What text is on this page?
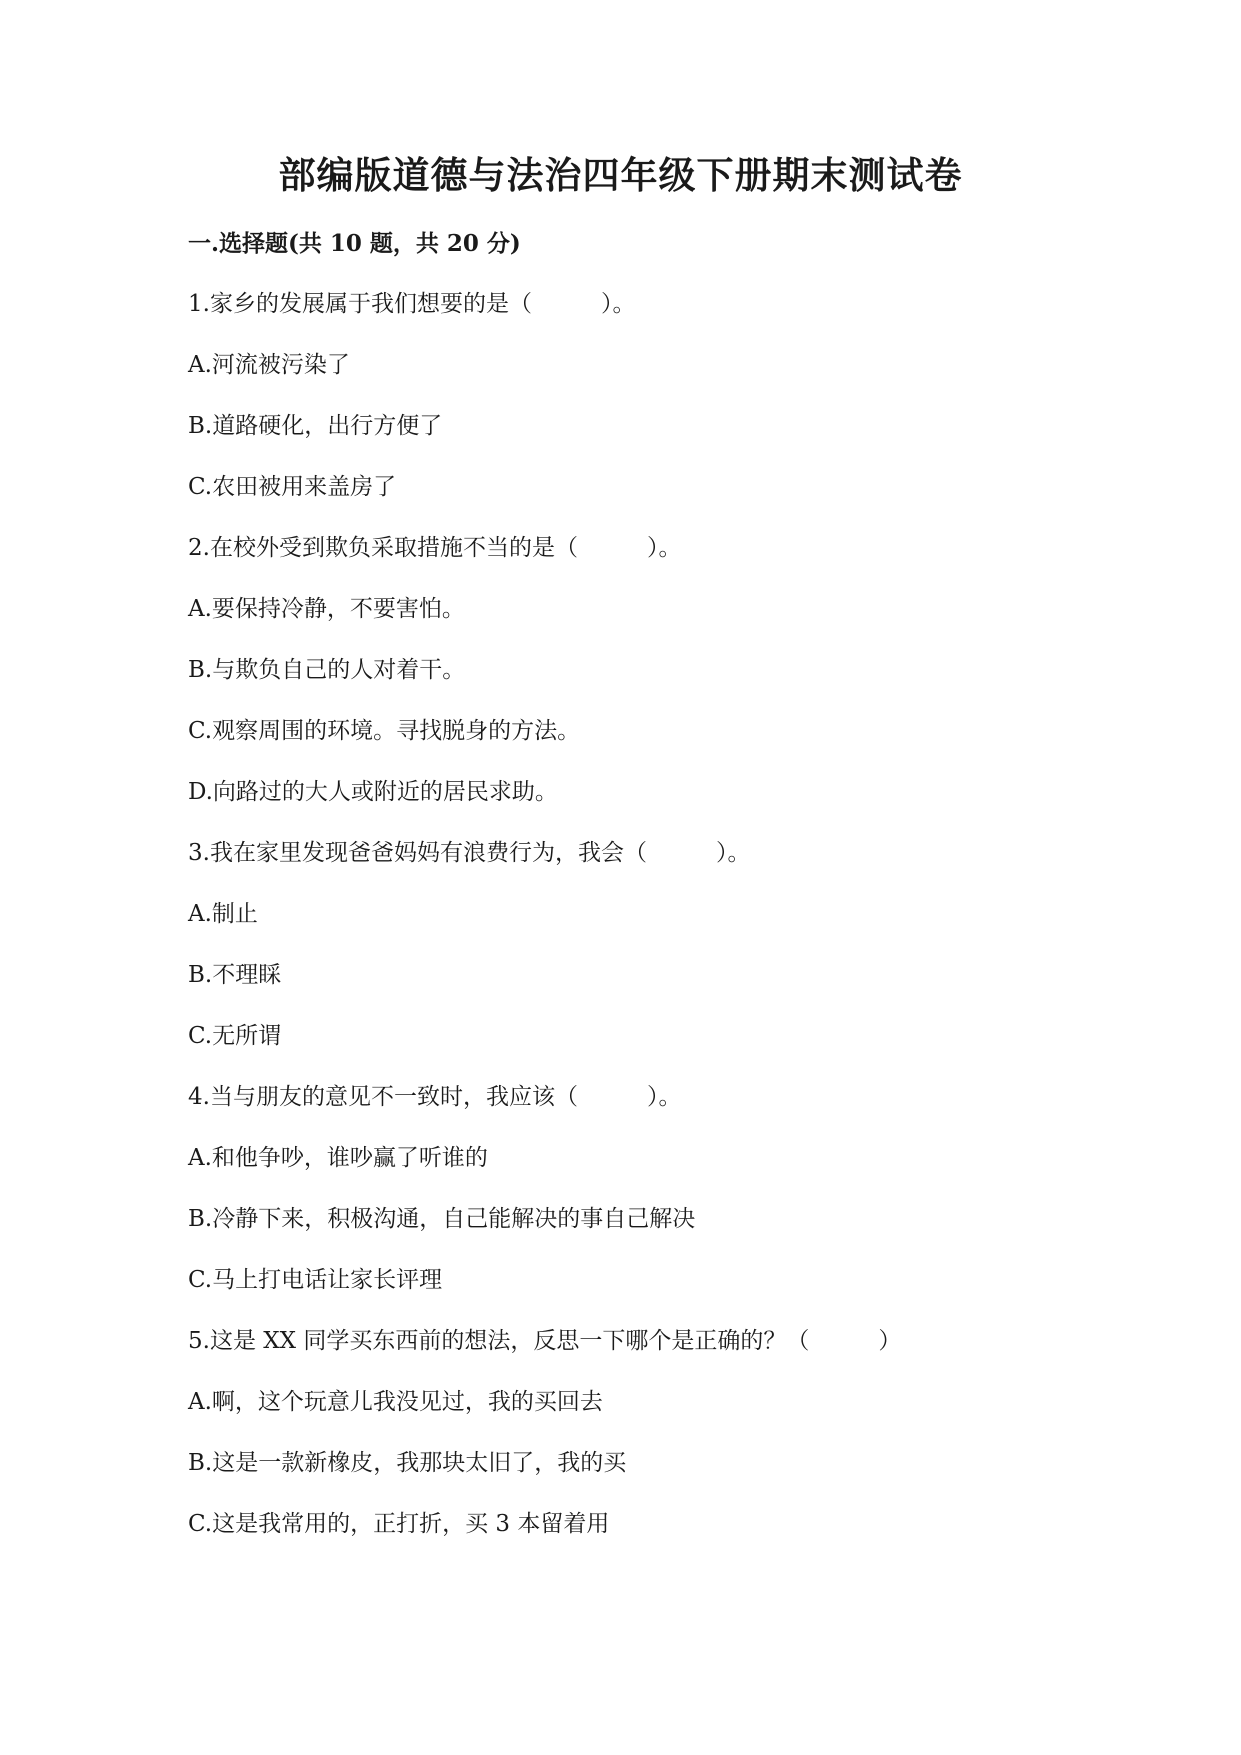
部编版道德与法治四年级下册期末测试卷
一.选择题(共 10 题，共 20 分)
1.家乡的发展属于我们想要的是（　　　）。
A.河流被污染了
B.道路硬化，出行方便了
C.农田被用来盖房了
2.在校外受到欺负采取措施不当的是（　　　）。
A.要保持冷静，不要害怕。
B.与欺负自己的人对着干。
C.观察周围的环境。寻找脱身的方法。
D.向路过的大人或附近的居民求助。
3.我在家里发现爸爸妈妈有浪费行为，我会（　　　）。
A.制止
B.不理睬
C.无所谓
4.当与朋友的意见不一致时，我应该（　　　）。
A.和他争吵，谁吵赢了听谁的
B.冷静下来，积极沟通，自己能解决的事自己解决
C.马上打电话让家长评理
5.这是 XX 同学买东西前的想法，反思一下哪个是正确的？（　　　）
A.啊，这个玩意儿我没见过，我的买回去
B.这是一款新橡皮，我那块太旧了，我的买
C.这是我常用的，正打折，买 3 本留着用
